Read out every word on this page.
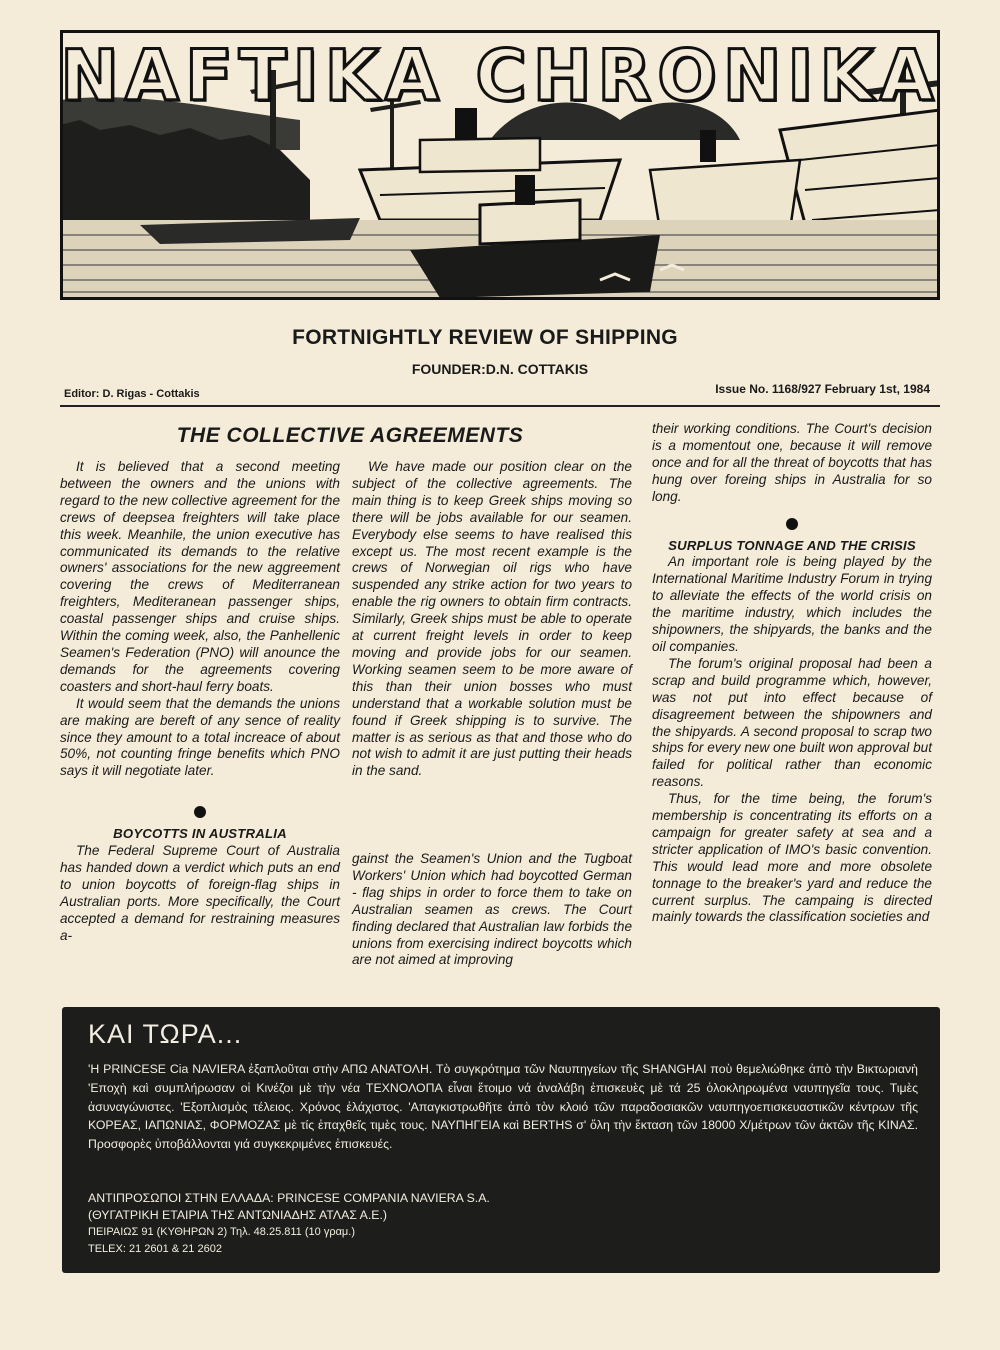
NAFTIKA CHRONIKA
FORTNIGHTLY REVIEW OF SHIPPING
FOUNDER:D.N. COTTAKIS
Editor: D. Rigas - Cottakis	Issue No. 1168/927 February 1st, 1984
THE COLLECTIVE AGREEMENTS

It is believed that a second meeting between the owners and the unions with regard to the new collective agreement for the crews of deepsea freighters will take place this week. Meanhile, the union executive has communicated its demands to the relative owners' associations for the new aggreement covering the crews of Mediterranean freighters, Mediteranean passenger ships, coastal passenger ships and cruise ships. Within the coming week, also, the Panhellenic Seamen's Federation (PNO) will anounce the demands for the agreements covering coasters and short-haul ferry boats.

It would seem that the demands the unions are making are bereft of any sence of reality since they amount to a total increace of about 50%, not counting fringe benefits which PNO says it will negotiate later.

BOYCOTTS IN AUSTRALIA

The Federal Supreme Court of Australia has handed down a verdict which puts an end to union boycotts of foreign-flag ships in Australian ports. More specifically, the Court accepted a demand for restraining measures a-

We have made our position clear on the subject of the collective agreements. The main thing is to keep Greek ships moving so there will be jobs available for our seamen. Everybody else seems to have realised this except us. The most recent example is the crews of Norwegian oil rigs who have suspended any strike action for two years to enable the rig owners to obtain firm contracts. Similarly, Greek ships must be able to operate at current freight levels in order to keep moving and provide jobs for our seamen. Working seamen seem to be more aware of this than their union bosses who must understand that a workable solution must be found if Greek shipping is to survive. The matter is as serious as that and those who do not wish to admit it are just putting their heads in the sand.

gainst the Seamen's Union and the Tugboat Workers' Union which had boycotted German - flag ships in order to force them to take on Australian seamen as crews. The Court finding declared that Australian law forbids the unions from exercising indirect boycotts which are not aimed at improving

their working conditions. The Court's decision is a momentout one, because it will remove once and for all the threat of boycotts that has hung over foreing ships in Australia for so long.

SURPLUS TONNAGE AND THE CRISIS

An important role is being played by the International Maritime Industry Forum in trying to alleviate the effects of the world crisis on the maritime industry, which includes the shipowners, the shipyards, the banks and the oil companies.

The forum's original proposal had been a scrap and build programme which, however, was not put into effect because of disagreement between the shipowners and the shipyards. A second proposal to scrap two ships for every new one built won approval but failed for political rather than economic reasons.

Thus, for the time being, the forum's membership is concentrating its efforts on a campaign for greater safety at sea and a stricter application of IMO's basic convention. This would lead more and more obsolete tonnage to the breaker's yard and reduce the current surplus. The campaing is directed mainly towards the classification societies and

ΚΑΙ ΤΩΡΑ...
'Η PRINCESE Cia NAVIERA ἐξαπλοῦται στὴν ΑΠΩ ΑΝΑΤΟΛΗ. Τὸ συγκρότημα τῶν Ναυπηγείων τῆς SHANGHAI ποὺ θεμελιώθηκε ἀπὸ τὴν Βικτωριανὴ 'Εποχὴ καὶ συμπλήρωσαν οἱ Κινέζοι μὲ τὴν νέα ΤΕΧΝΟΛΟΠΑ εἶναι ἕτοιμο νά ἀναλάβη ἐπισκευὲς μὲ τά 25 ὁλοκληρωμένα ναυπηγεῖα τους. Τιμὲς ἀσυναγώνιστες. 'Εξοπλισμὸς τέλειος. Χρόνος ἐλάχιστος. 'Απαγκιστρωθῆτε ἀπὸ τὸν κλοιό τῶν παραδοσιακῶν ναυπηγοεπισκευαστικῶν κέντρων τῆς ΚΟΡΕΑΣ, ΙΑΠΩΝΙΑΣ, ΦΟΡΜΟΖΑΣ μὲ τίς ἐπαχθεῖς τιμὲς τους. ΝΑΥΠΗΓΕΙΑ καὶ BERTHS σ' ὅλη τὴν ἔκταση τῶν 18000 Χ/μέτρων τῶν ἀκτῶν τῆς ΚΙΝΑΣ. Προσφορὲς ὑποβάλλονται γιά συγκεκριμένες ἐπισκευές.
ΑΝΤΙΠΡΟΣΩΠΟΙ ΣΤΗΝ ΕΛΛΑΔΑ: PRINCESE COMPANIA NAVIERA S.A.
(ΘΥΓΑΤΡΙΚΗ ΕΤΑΙΡΙΑ ΤΗΣ ΑΝΤΩΝΙΑΔΗΣ ΑΤΛΑΣ Α.Ε.)
ΠΕΙΡΑΙΩΣ 91 (ΚΥΘΗΡΩΝ 2) Τηλ. 48.25.811 (10 γραμ.)
TELEX: 21 2601 & 21 2602
